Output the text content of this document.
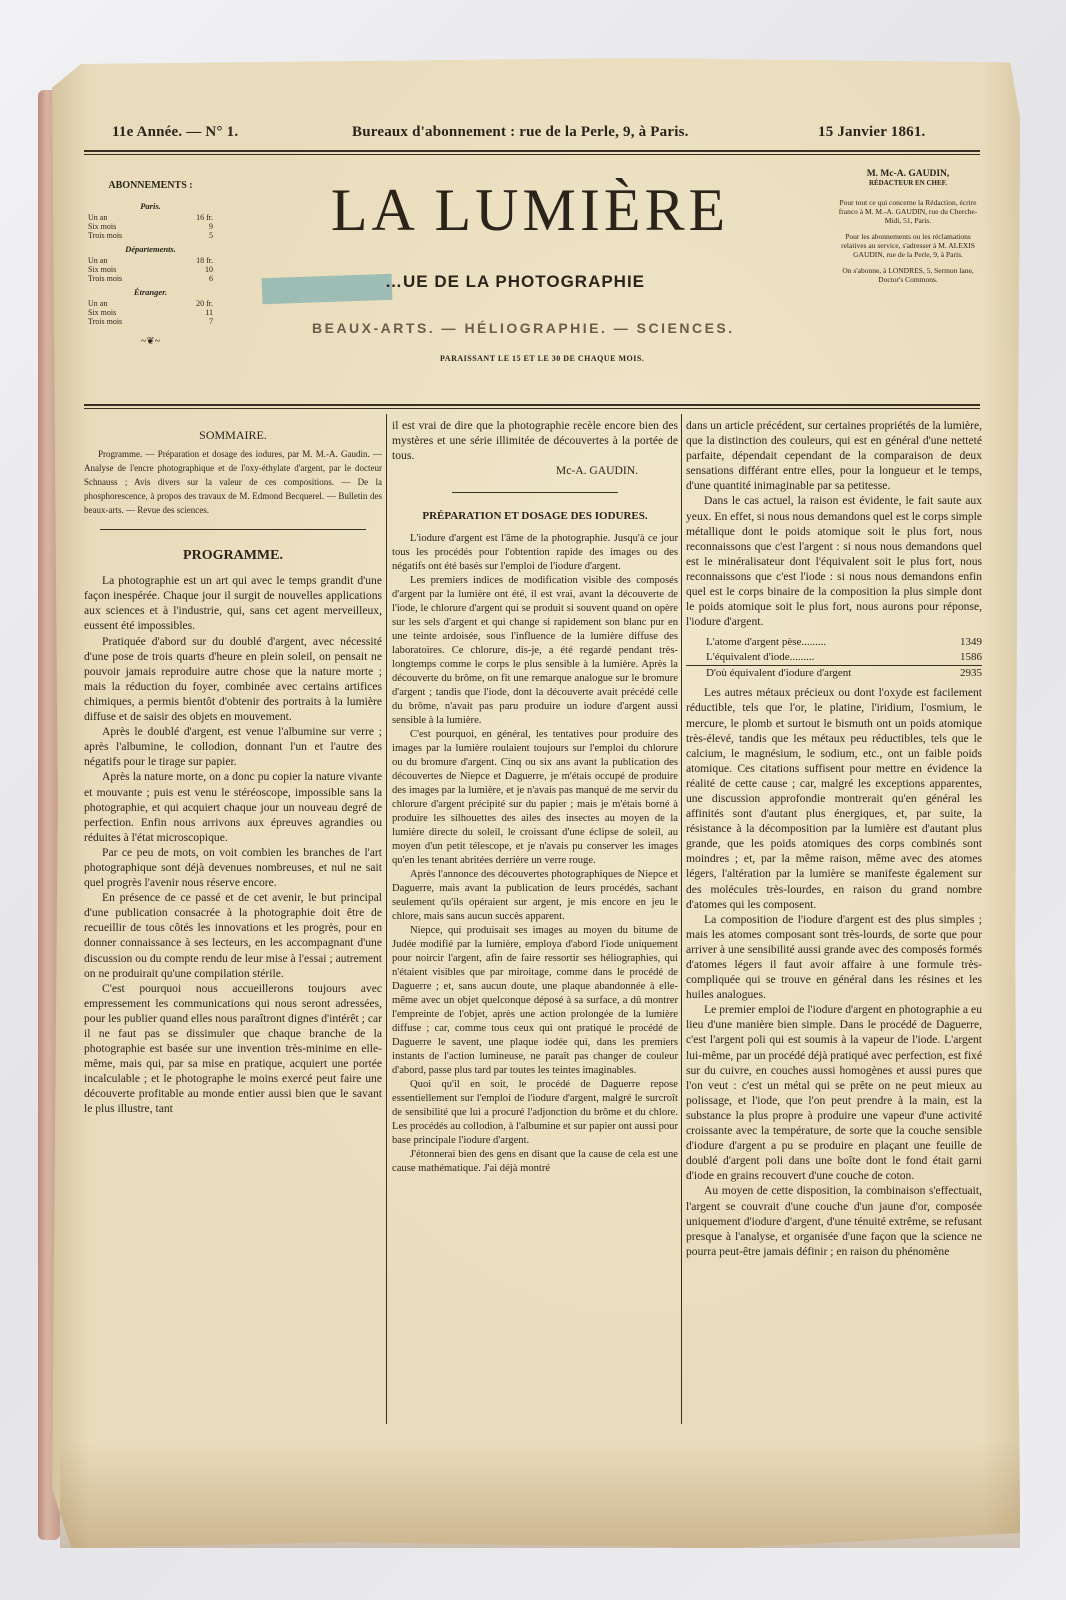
11e Année. — N° 1.	Bureaux d'abonnement : rue de la Perle, 9, à Paris.	15 Janvier 1861.
LA LUMIÈRE
…UE DE LA PHOTOGRAPHIE
BEAUX-ARTS. — HÉLIOGRAPHIE. — SCIENCES.
PARAISSANT LE 15 ET LE 30 DE CHAQUE MOIS.
ABONNEMENTS :
Paris.
Un an	16 fr.
Six mois	9
Trois mois	5
Départements.
Un an	18 fr.
Six mois	10
Trois mois	6
Étranger.
Un an	20 fr.
Six mois	11
Trois mois	7
~❦~
M. Mc-A. GAUDIN,
RÉDACTEUR EN CHEF.

Pour tout ce qui concerne la Rédaction, écrire franco à M. M.-A. GAUDIN, rue du Cherche-Midi, 51, Paris.

Pour les abonnements ou les réclamations relatives au service, s'adresser à M. ALEXIS GAUDIN, rue de la Perle, 9, à Paris.

On s'abonne, à LONDRES, 5, Sermon lane, Doctor's Commons.

SOMMAIRE.

Programme. — Préparation et dosage des iodures, par M. M.-A. Gaudin. — Analyse de l'encre photographique et de l'oxy-éthylate d'argent, par le docteur Schnauss ; Avis divers sur la valeur de ces compositions. — De la phosphorescence, à propos des travaux de M. Edmond Becquerel. — Bulletin des beaux-arts. — Revue des sciences.

PROGRAMME.

La photographie est un art qui avec le temps grandit d'une façon inespérée. Chaque jour il surgit de nouvelles applications aux sciences et à l'industrie, qui, sans cet agent merveilleux, eussent été impossibles.

Pratiquée d'abord sur du doublé d'argent, avec nécessité d'une pose de trois quarts d'heure en plein soleil, on pensait ne pouvoir jamais reproduire autre chose que la nature morte ; mais la réduction du foyer, combinée avec certains artifices chimiques, a permis bientôt d'obtenir des portraits à la lumière diffuse et de saisir des objets en mouvement.

Après le doublé d'argent, est venue l'albumine sur verre ; après l'albumine, le collodion, donnant l'un et l'autre des négatifs pour le tirage sur papier.

Après la nature morte, on a donc pu copier la nature vivante et mouvante ; puis est venu le stéréoscope, impossible sans la photographie, et qui acquiert chaque jour un nouveau degré de perfection. Enfin nous arrivons aux épreuves agrandies ou réduites à l'état microscopique.

Par ce peu de mots, on voit combien les branches de l'art photographique sont déjà devenues nombreuses, et nul ne sait quel progrès l'avenir nous réserve encore.

En présence de ce passé et de cet avenir, le but principal d'une publication consacrée à la photographie doit être de recueillir de tous côtés les innovations et les progrès, pour en donner connaissance à ses lecteurs, en les accompagnant d'une discussion ou du compte rendu de leur mise à l'essai ; autrement on ne produirait qu'une compilation stérile.

C'est pourquoi nous accueillerons toujours avec empressement les communications qui nous seront adressées, pour les publier quand elles nous paraîtront dignes d'intérêt ; car il ne faut pas se dissimuler que chaque branche de la photographie est basée sur une invention très-minime en elle-même, mais qui, par sa mise en pratique, acquiert une portée incalculable ; et le photographe le moins exercé peut faire une découverte profitable au monde entier aussi bien que le savant le plus illustre, tant

il est vrai de dire que la photographie recèle encore bien des mystères et une série illimitée de découvertes à la portée de tous.

Mc-A. GAUDIN.

PRÉPARATION ET DOSAGE DES IODURES.

L'iodure d'argent est l'âme de la photographie. Jusqu'à ce jour tous les procédés pour l'obtention rapide des images ou des négatifs ont été basés sur l'emploi de l'iodure d'argent.

Les premiers indices de modification visible des composés d'argent par la lumière ont été, il est vrai, avant la découverte de l'iode, le chlorure d'argent qui se produit si souvent quand on opère sur les sels d'argent et qui change si rapidement son blanc pur en une teinte ardoisée, sous l'influence de la lumière diffuse des laboratoires. Ce chlorure, dis-je, a été regardé pendant très-longtemps comme le corps le plus sensible à la lumière. Après la découverte du brôme, on fit une remarque analogue sur le bromure d'argent ; tandis que l'iode, dont la découverte avait précédé celle du brôme, n'avait pas paru produire un iodure d'argent aussi sensible à la lumière.

C'est pourquoi, en général, les tentatives pour produire des images par la lumière roulaient toujours sur l'emploi du chlorure ou du bromure d'argent. Cinq ou six ans avant la publication des découvertes de Niepce et Daguerre, je m'étais occupé de produire des images par la lumière, et je n'avais pas manqué de me servir du chlorure d'argent précipité sur du papier ; mais je m'étais borné à produire les silhouettes des ailes des insectes au moyen de la lumière directe du soleil, le croissant d'une éclipse de soleil, au moyen d'un petit télescope, et je n'avais pu conserver les images qu'en les tenant abritées derrière un verre rouge.

Après l'annonce des découvertes photographiques de Niepce et Daguerre, mais avant la publication de leurs procédés, sachant seulement qu'ils opéraient sur argent, je mis encore en jeu le chlore, mais sans aucun succès apparent.

Niepce, qui produisait ses images au moyen du bitume de Judée modifié par la lumière, employa d'abord l'iode uniquement pour noircir l'argent, afin de faire ressortir ses héliographies, qui n'étaient visibles que par miroitage, comme dans le procédé de Daguerre ; et, sans aucun doute, une plaque abandonnée à elle-même avec un objet quelconque déposé à sa surface, a dû montrer l'empreinte de l'objet, après une action prolongée de la lumière diffuse ; car, comme tous ceux qui ont pratiqué le procédé de Daguerre le savent, une plaque iodée qui, dans les premiers instants de l'action lumineuse, ne paraît pas changer de couleur d'abord, passe plus tard par toutes les teintes imaginables.

Quoi qu'il en soit, le procédé de Daguerre repose essentiellement sur l'emploi de l'iodure d'argent, malgré le surcroît de sensibilité que lui a procuré l'adjonction du brôme et du chlore. Les procédés au collodion, à l'albumine et sur papier ont aussi pour base principale l'iodure d'argent.

J'étonnerai bien des gens en disant que la cause de cela est une cause mathématique. J'ai déjà montré

dans un article précédent, sur certaines propriétés de la lumière, que la distinction des couleurs, qui est en général d'une netteté parfaite, dépendait cependant de la comparaison de deux sensations différant entre elles, pour la longueur et le temps, d'une quantité inimaginable par sa petitesse.

Dans le cas actuel, la raison est évidente, le fait saute aux yeux. En effet, si nous nous demandons quel est le corps simple métallique dont le poids atomique soit le plus fort, nous reconnaissons que c'est l'argent : si nous nous demandons quel est le minéralisateur dont l'équivalent soit le plus fort, nous reconnaissons que c'est l'iode : si nous nous demandons enfin quel est le corps binaire de la composition la plus simple dont le poids atomique soit le plus fort, nous aurons pour réponse, l'iodure d'argent.

L'atome d'argent pèse.........	1349
L'équivalent d'iode.........	1586
D'où équivalent d'iodure d'argent	2935

Les autres métaux précieux ou dont l'oxyde est facilement réductible, tels que l'or, le platine, l'iridium, l'osmium, le mercure, le plomb et surtout le bismuth ont un poids atomique très-élevé, tandis que les métaux peu réductibles, tels que le calcium, le magnésium, le sodium, etc., ont un faible poids atomique. Ces citations suffisent pour mettre en évidence la réalité de cette cause ; car, malgré les exceptions apparentes, une discussion approfondie montrerait qu'en général les affinités sont d'autant plus énergiques, et, par suite, la résistance à la décomposition par la lumière est d'autant plus grande, que les poids atomiques des corps combinés sont moindres ; et, par la même raison, même avec des atomes légers, l'altération par la lumière se manifeste également sur des molécules très-lourdes, en raison du grand nombre d'atomes qui les composent.

La composition de l'iodure d'argent est des plus simples ; mais les atomes composant sont très-lourds, de sorte que pour arriver à une sensibilité aussi grande avec des composés formés d'atomes légers il faut avoir affaire à une formule très-compliquée qui se trouve en général dans les résines et les huiles analogues.

Le premier emploi de l'iodure d'argent en photographie a eu lieu d'une manière bien simple. Dans le procédé de Daguerre, c'est l'argent poli qui est soumis à la vapeur de l'iode. L'argent lui-même, par un procédé déjà pratiqué avec perfection, est fixé sur du cuivre, en couches aussi homogènes et aussi pures que l'on veut : c'est un métal qui se prête on ne peut mieux au polissage, et l'iode, que l'on peut prendre à la main, est la substance la plus propre à produire une vapeur d'une activité croissante avec la température, de sorte que la couche sensible d'iodure d'argent a pu se produire en plaçant une feuille de doublé d'argent poli dans une boîte dont le fond était garni d'iode en grains recouvert d'une couche de coton.

Au moyen de cette disposition, la combinaison s'effectuait, l'argent se couvrait d'une couche d'un jaune d'or, composée uniquement d'iodure d'argent, d'une ténuité extrême, se refusant presque à l'analyse, et organisée d'une façon que la science ne pourra peut-être jamais définir ; en raison du phénomène
